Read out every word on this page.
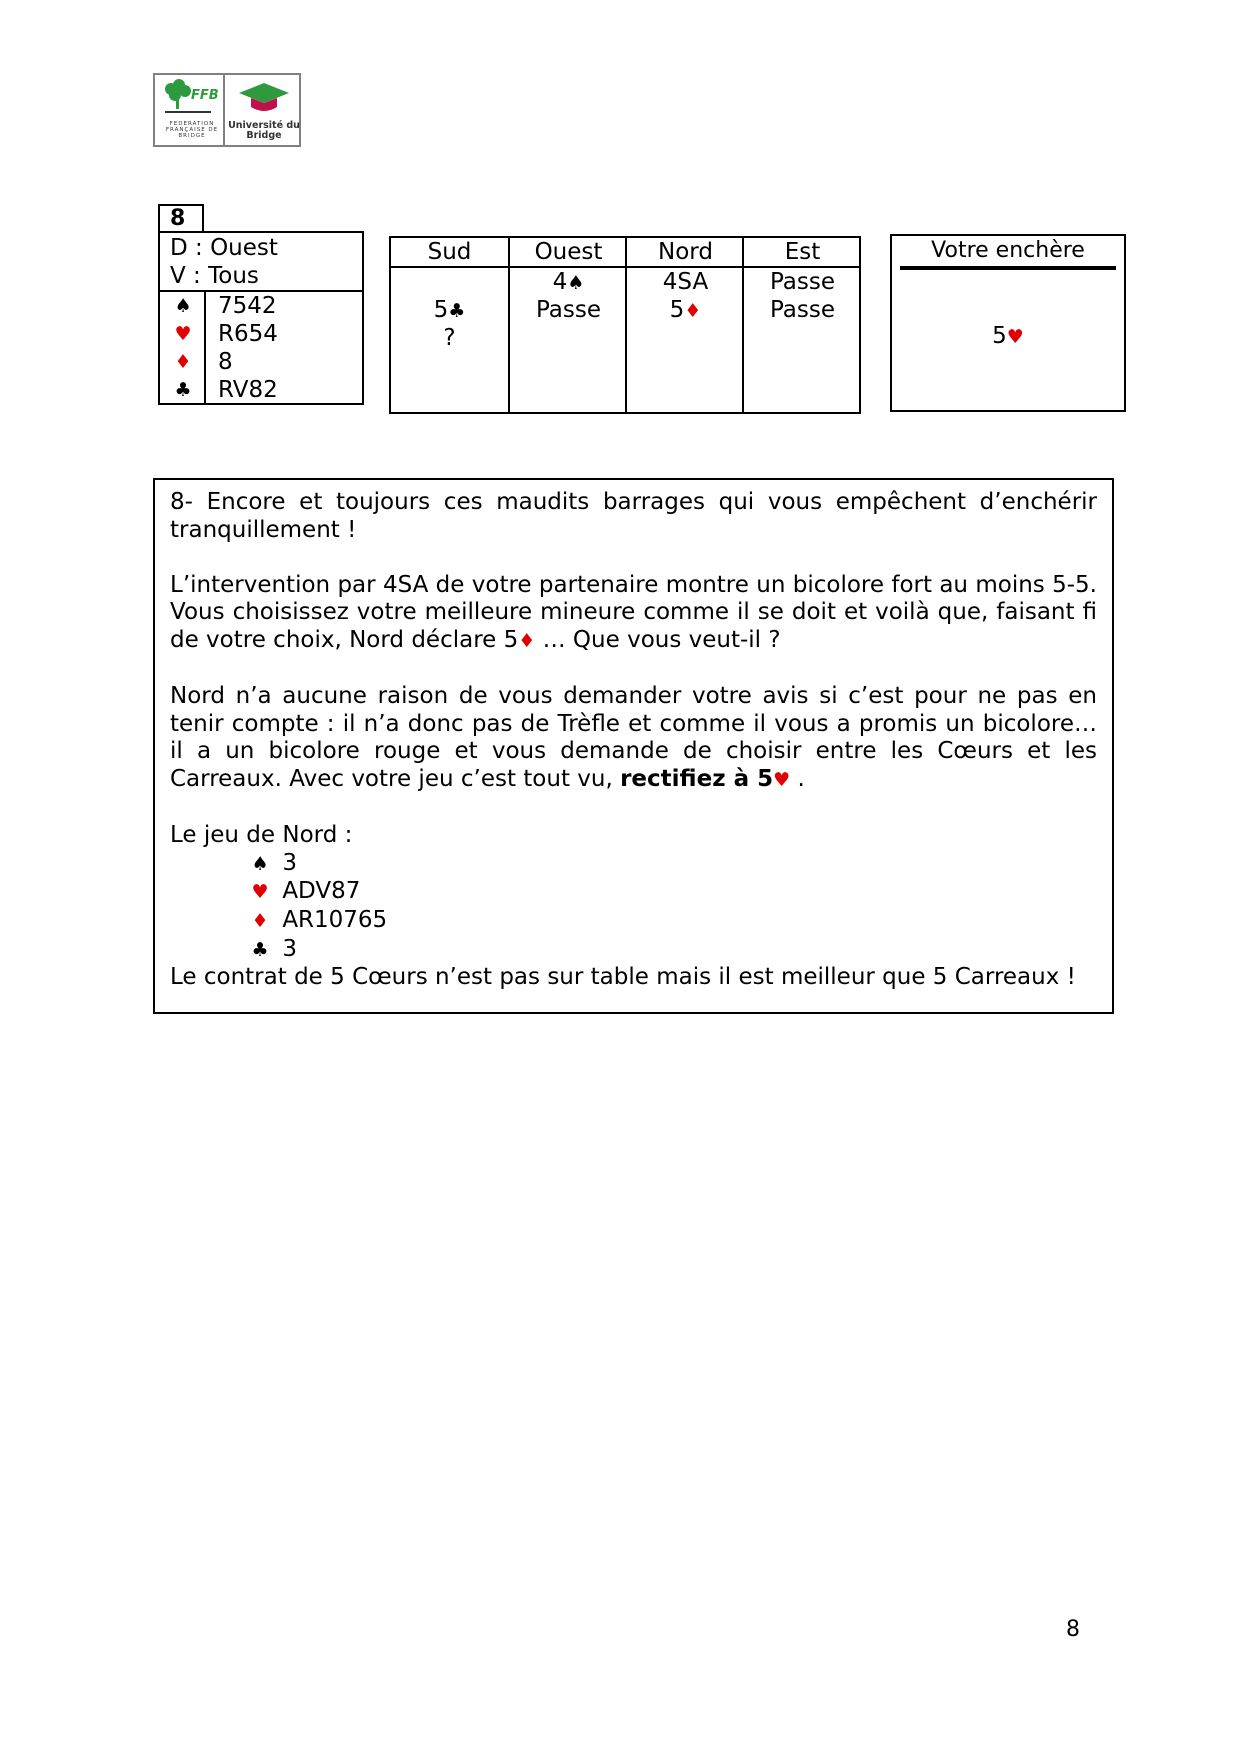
FFB
FEDERATION FRANÇAISE DE BRIDGE
Université du Bridge
8
D : Ouest
V : Tous
♠ 7542
♥ R654
♦ 8
♣ RV82
Sud
5♣
?
Ouest
4♠
Passe
Nord
4SA
5♦
Est
Passe
Passe
Votre enchère
5♥

8- Encore et toujours ces maudits barrages qui vous empêchent d’enchérir tranquillement !

L’intervention par 4SA de votre partenaire montre un bicolore fort au moins 5-5. Vous choisissez votre meilleure mineure comme il se doit et voilà que, faisant fi de votre choix, Nord déclare 5♦ … Que vous veut-il ?

Nord n’a aucune raison de vous demander votre avis si c’est pour ne pas en tenir compte : il n’a donc pas de Trèfle et comme il vous a promis un bicolore… il a un bicolore rouge et vous demande de choisir entre les Cœurs et les Carreaux. Avec votre jeu c’est tout vu, rectifiez à 5♥ .

Le jeu de Nord :
♠ 3
♥ ADV87
♦ AR10765
♣ 3
Le contrat de 5 Cœurs n’est pas sur table mais il est meilleur que 5 Carreaux !
8
